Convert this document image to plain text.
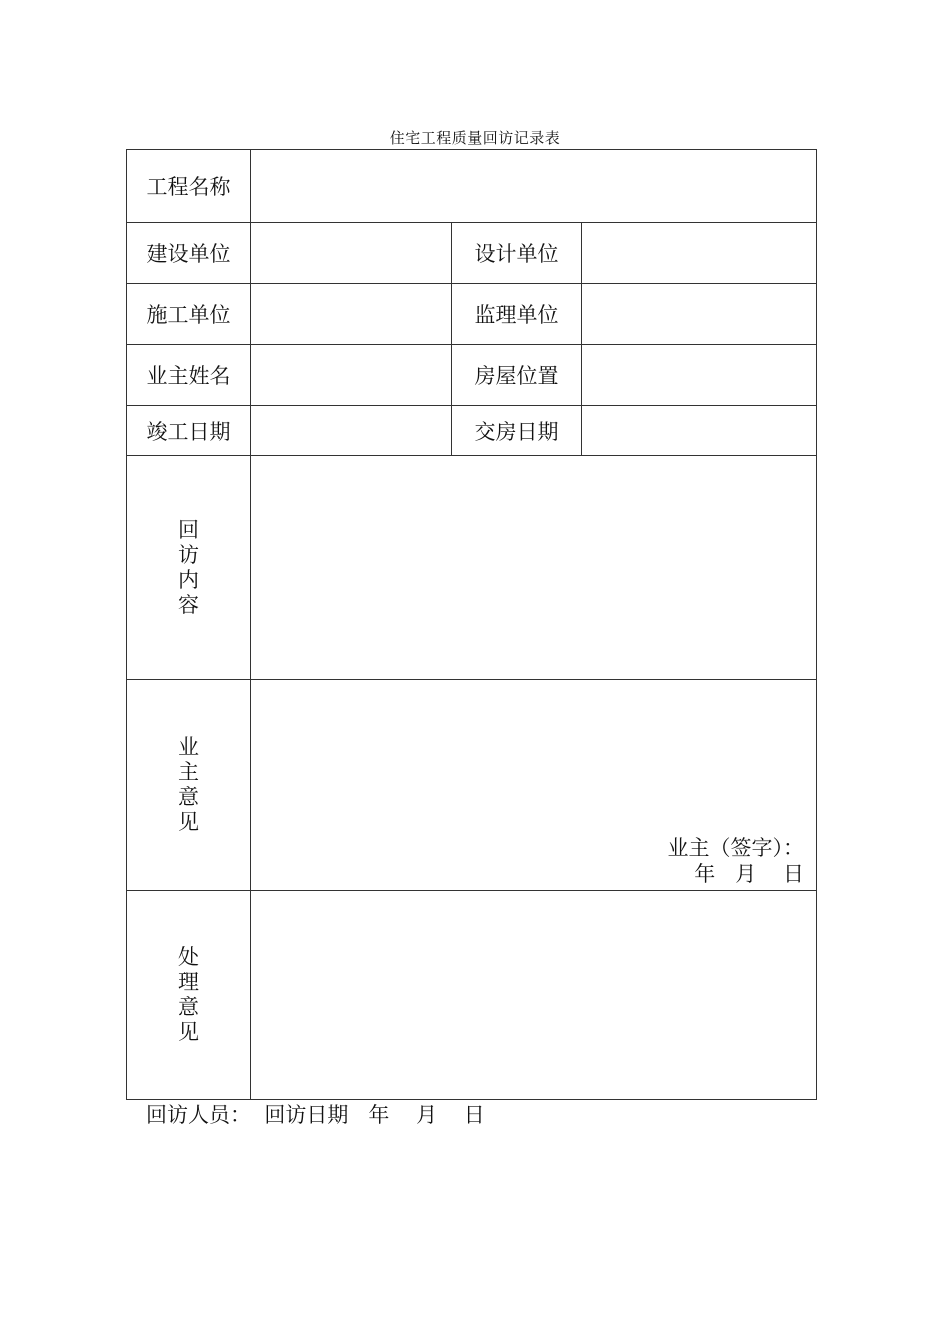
住宅工程质量回访记录表
工程名称			
建设单位		设计单位	
施工单位		监理单位	
业主姓名		房屋位置	
竣工日期		交房日期	
回访内容			
业主意见	业主（签字）：
年   月    日		

处理意见			
回访人员：  回访日期   年    月    日
